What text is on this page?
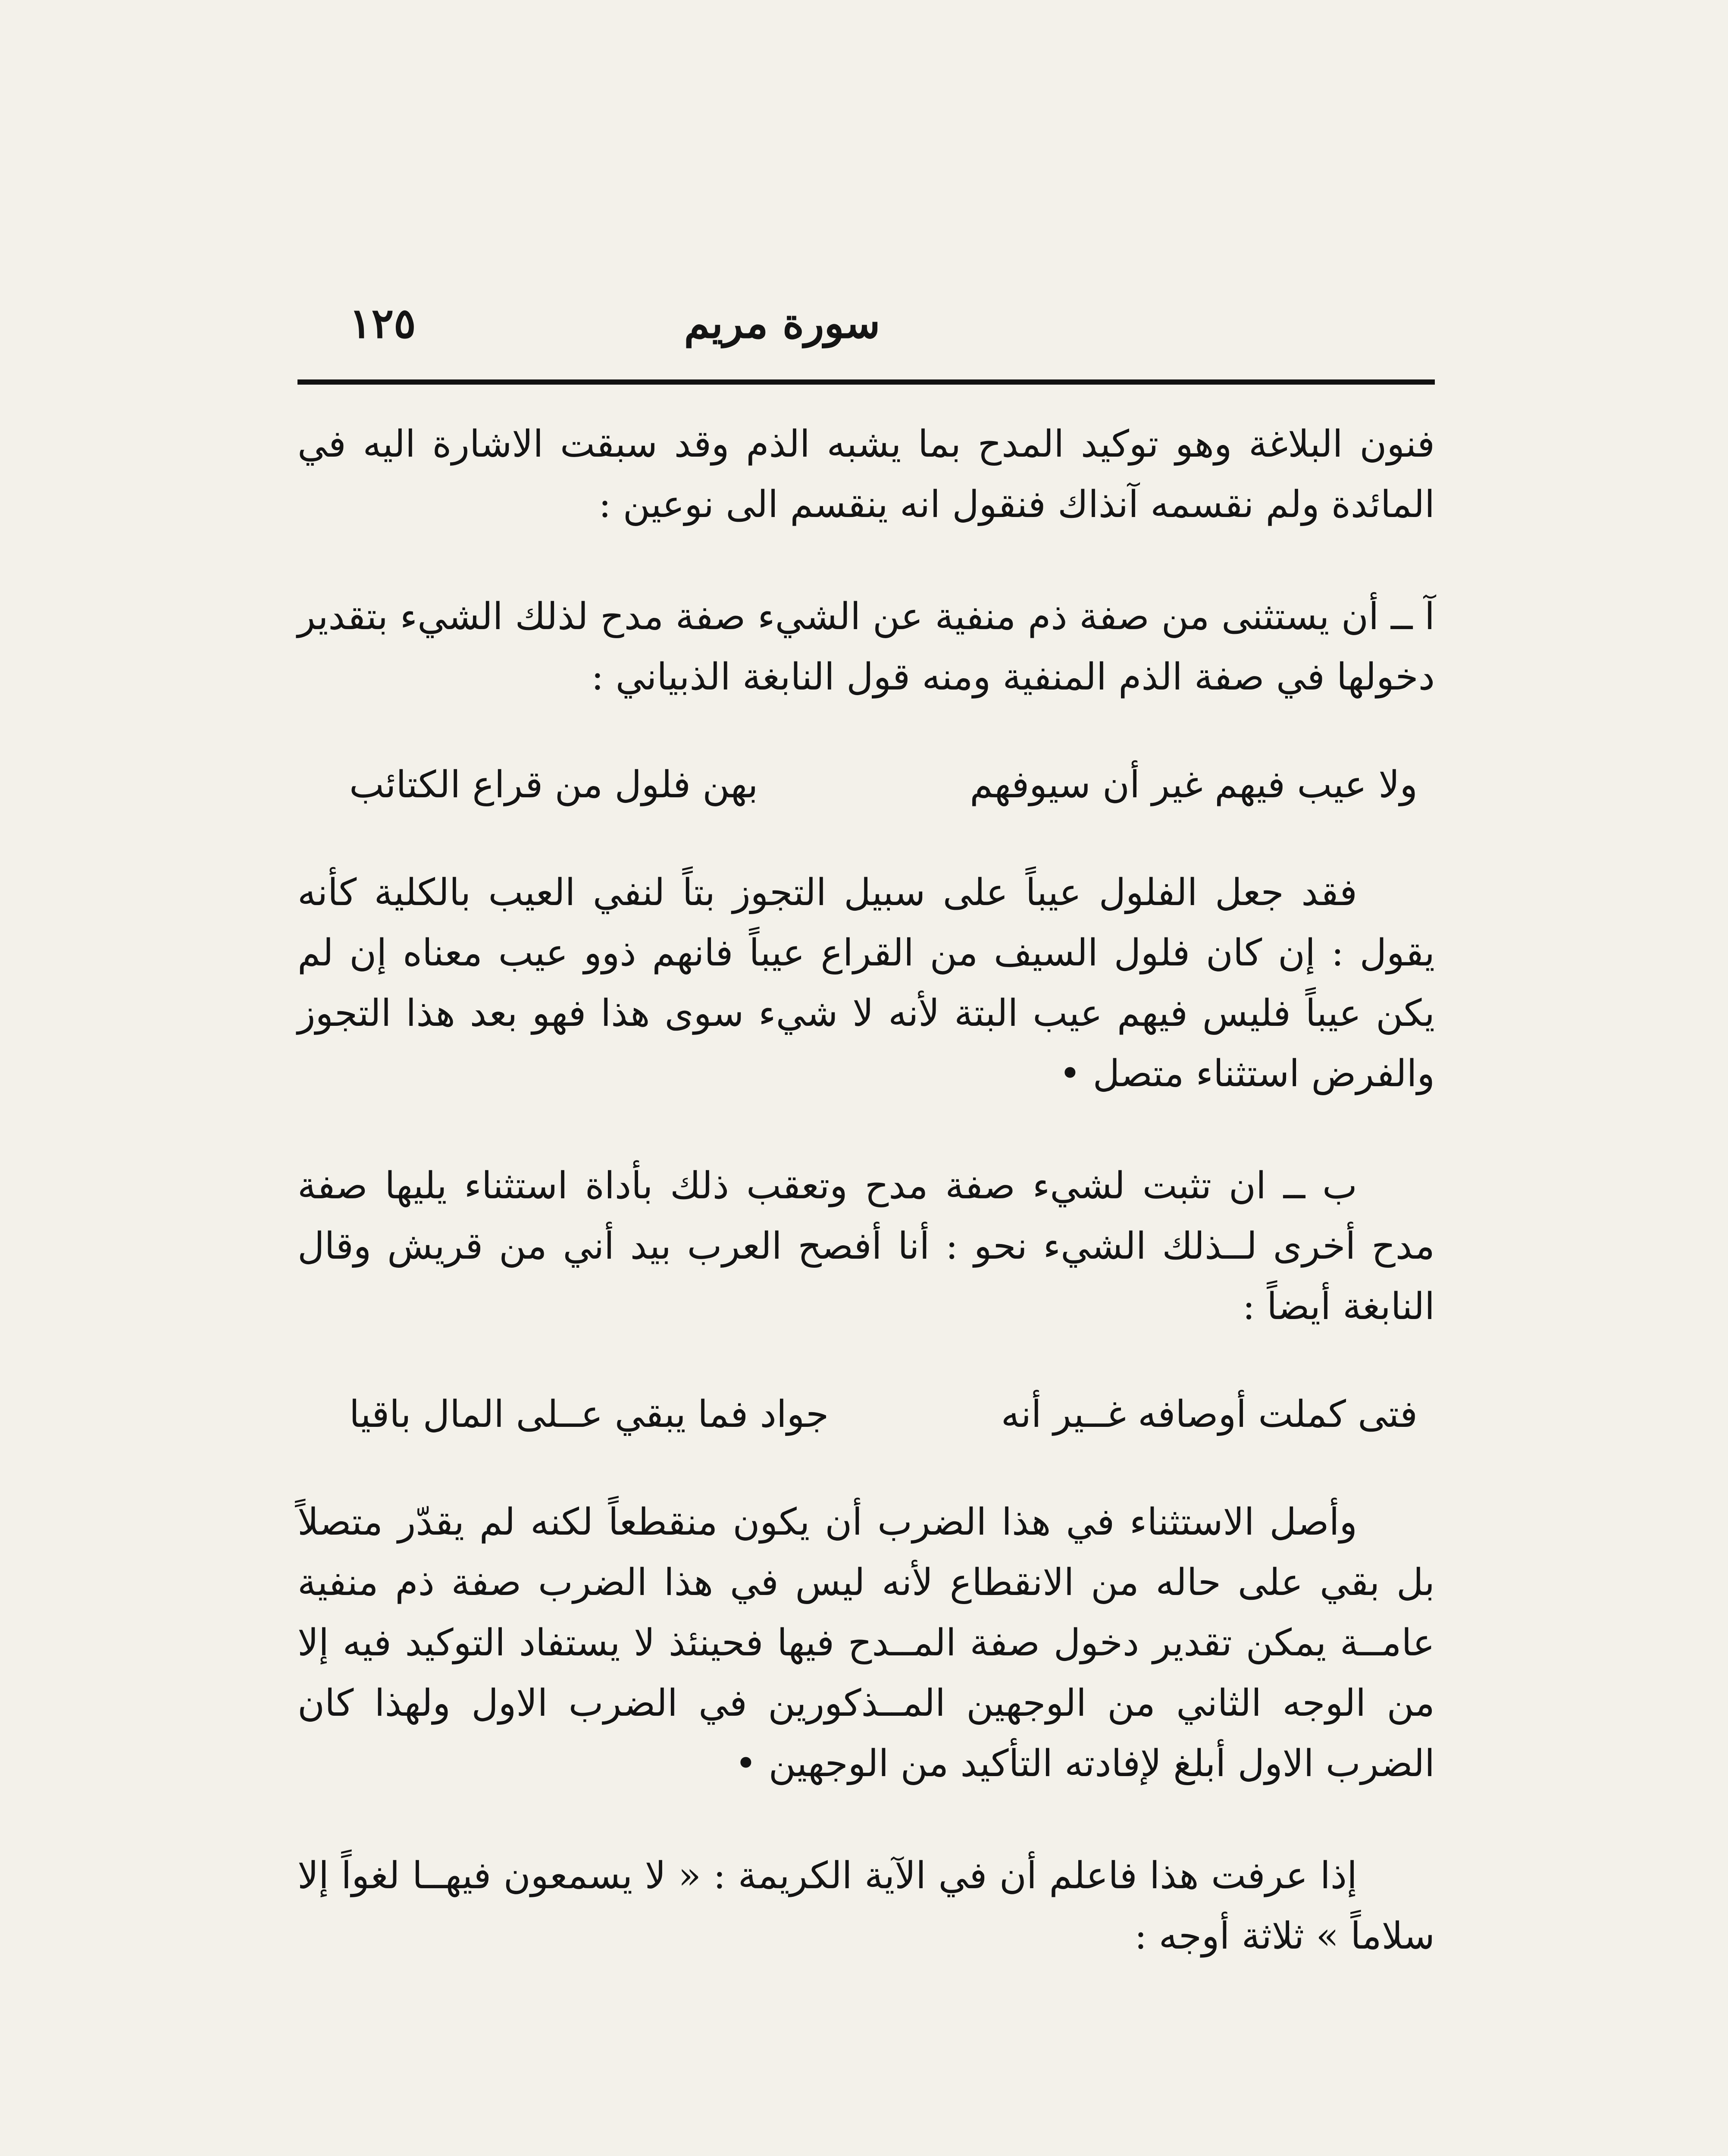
سورة مريم
١٢٥

فنون البلاغة وهو توكيد المدح بما يشبه الذم وقد سبقت الاشارة اليه في المائدة ولم نقسمه آنذاك فنقول انه ينقسم الى نوعين :

آ ــ أن يستثنى من صفة ذم منفية عن الشيء صفة مدح لذلك الشيء بتقدير دخولها في صفة الذم المنفية ومنه قول النابغة الذبياني :

ولا عيب فيهم غير أن سيوفهم
بهن فلول من قراع الكتائب

فقد جعل الفلول عيباً على سبيل التجوز بتاً لنفي العيب بالكلية كأنه يقول : إن كان فلول السيف من القراع عيباً فانهم ذوو عيب معناه إن لم يكن عيباً فليس فيهم عيب البتة لأنه لا شيء سوى هذا فهو بعد هذا التجوز والفرض استثناء متصل •

ب ــ ان تثبت لشيء صفة مدح وتعقب ذلك بأداة استثناء يليها صفة مدح أخرى لــذلك الشيء نحو : أنا أفصح العرب بيد أني من قريش وقال النابغة أيضاً :

فتى كملت أوصافه غــير أنه
جواد فما يبقي عــلى المال باقيا

وأصل الاستثناء في هذا الضرب أن يكون منقطعاً لكنه لم يقدّر متصلاً بل بقي على حاله من الانقطاع لأنه ليس في هذا الضرب صفة ذم منفية عامــة يمكن تقدير دخول صفة المــدح فيها فحينئذ لا يستفاد التوكيد فيه إلا من الوجه الثاني من الوجهين المــذكورين في الضرب الاول ولهذا كان الضرب الاول أبلغ لإفادته التأكيد من الوجهين •

إذا عرفت هذا فاعلم أن في الآية الكريمة : « لا يسمعون فيهــا لغواً إلا سلاماً » ثلاثة أوجه :
